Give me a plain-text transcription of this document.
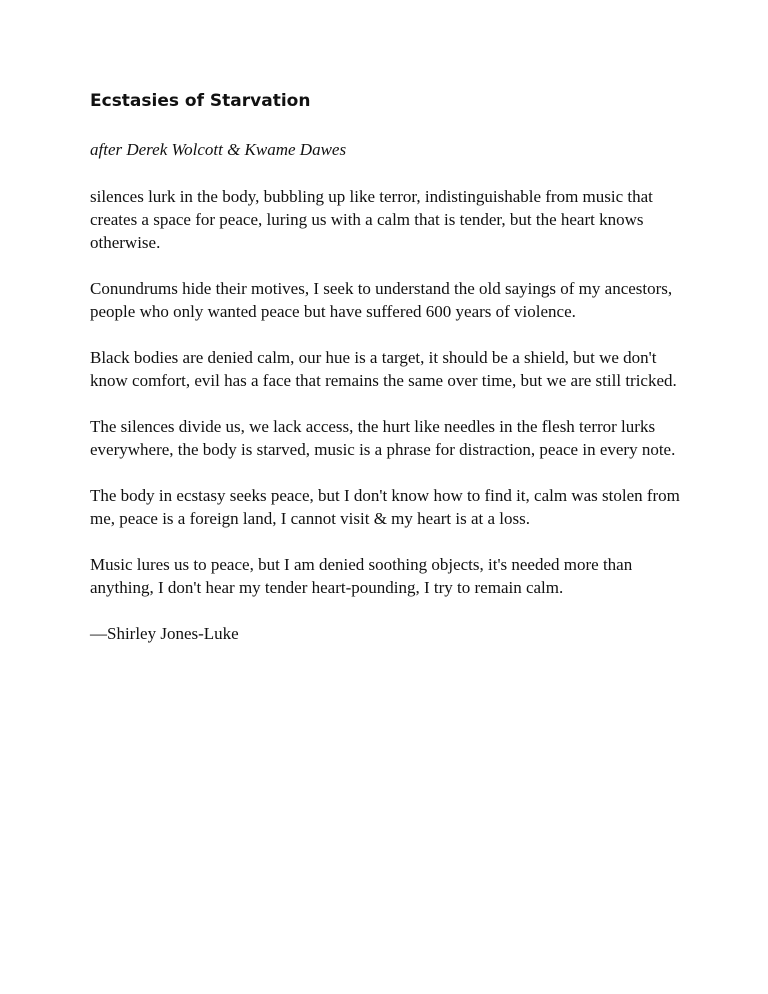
Ecstasies of Starvation
after Derek Wolcott & Kwame Dawes

silences lurk in the body, bubbling up like terror, indistinguishable from music that creates a space for peace, luring us with a calm that is tender, but the heart knows otherwise.

Conundrums hide their motives, I seek to understand the old sayings of my ancestors, people who only wanted peace but have suffered 600 years of violence.

Black bodies are denied calm, our hue is a target, it should be a shield, but we don't know comfort, evil has a face that remains the same over time, but we are still tricked.

The silences divide us, we lack access, the hurt like needles in the flesh terror lurks everywhere, the body is starved, music is a phrase for distraction, peace in every note.

The body in ecstasy seeks peace, but I don't know how to find it, calm was stolen from me, peace is a foreign land, I cannot visit & my heart is at a loss.

Music lures us to peace, but I am denied soothing objects, it's needed more than anything, I don't hear my tender heart-pounding, I try to remain calm.

—Shirley Jones-Luke
